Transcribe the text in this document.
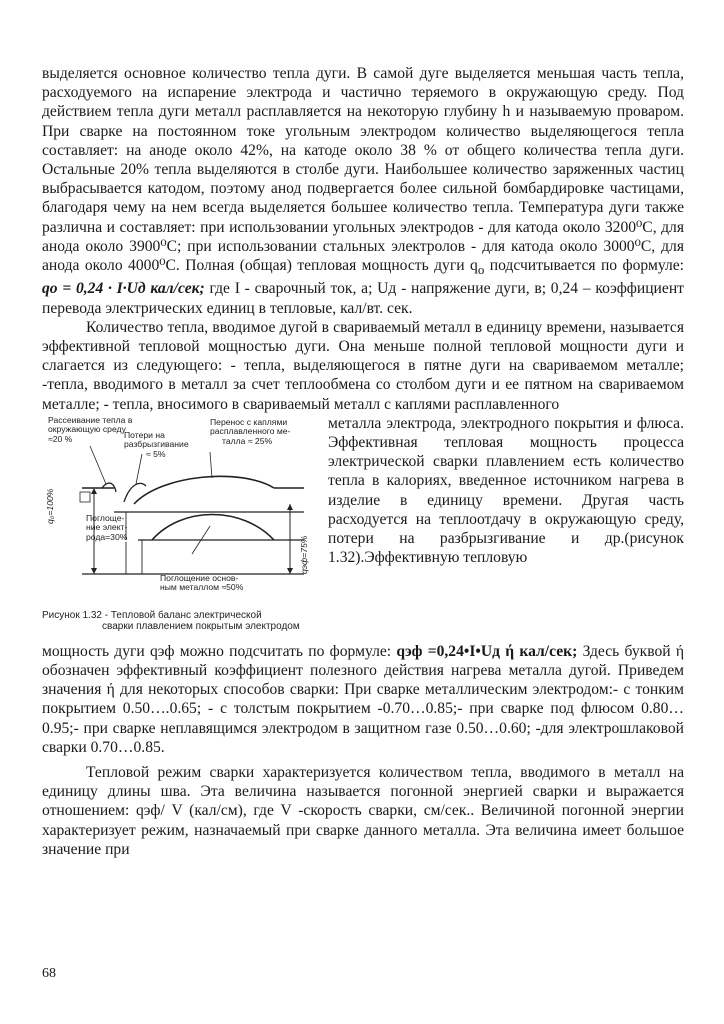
выделяется основное количество тепла дуги. В самой дуге выделяется меньшая часть тепла, расходуемого на испарение электрода и частично теряемого в окружающую среду. Под действием тепла дуги металл расплавляется на некоторую глубину h и называемую проваром. При сварке на постоянном токе угольным электродом количество выделяющегося тепла составляет: на аноде около 42%, на катоде около 38 % от общего количества тепла дуги. Остальные 20% тепла выделяются в столбе дуги. Наибольшее количество заряженных частиц выбрасывается катодом, поэтому анод подвергается более сильной бомбардировке частицами, благодаря чему на нем всегда выделяется большее количество тепла. Температура дуги также различна и составляет: при использовании угольных электродов - для катода около 3200⁰С, для анода около 3900⁰С; при использовании стальных электролов - для катода около 3000⁰С, для анода около 4000⁰С. Полная (общая) тепловая мощность дуги $q_о$ подсчитывается по формуле: qо = 0,24 · I·Uд кал/сек; где I - сварочный ток, а; Uд - напряжение дуги, в; 0,24 – коэффициент перевода электрических единиц в тепловые, кал/вт. сек.

Количество тепла, вводимое дугой в свариваемый металл в единицу времени, называется эффективной тепловой мощностью дуги. Она меньше полной тепловой мощности дуги и слагается из следующего: - тепла, выделяющегося в пятне дуги на свариваемом металле; -тепла, вводимого в металл за счет теплообмена со столбом дуги и ее пятном на свариваемом металле; - тепла, вносимого в свариваемый металл с каплями расплавленного

Рассеивание тепла в
окружающую среду
≈20 %	Потери на
разбрызгивание
≈ 5%
Перенос с каплями
расплавленного ме-
талла ≈ 25%
q₀=100%	Поглоще-
ние элект-
рода=30%
Поглощение основ-
ным металлом ≈50%
qэф=75%
Рисунок 1.32 - Тепловой баланс электрической
сварки плавлением покрытым электродом

металла электрода, электродного покрытия и флюса. Эффективная тепловая мощность процесса электрической сварки плавлением есть количество тепла в калориях, введенное источником нагрева в изделие в единицу времени. Другая часть расходуется на теплоотдачу в окружающую среду, потери на разбрызгивание и др.(рисунок 1.32).Эффективную тепловую

мощность дуги qэф можно подсчитать по формуле: qэф =0,24•I•Uд ή кал/сек; Здесь буквой ή обозначен эффективный коэффициент полезного действия нагрева металла дугой. Приведем значения ή для некоторых способов сварки: При сварке металлическим электродом:- с тонким покрытием 0.50….0.65; - с толстым покрытием -0.70…0.85;- при сварке под флюсом 0.80…0.95;- при сварке неплавящимся электродом в защитном газе 0.50…0.60; -для электрошлаковой сварки 0.70…0.85.

Тепловой режим сварки характеризуется количеством тепла, вводимого в металл на единицу длины шва. Эта величина называется погонной энергией сварки и выражается отношением: qэф/ V (кал/см), где V -скорость сварки, см/сек.. Величиной погонной энергии характеризует режим, назначаемый при сварке данного металла. Эта величина имеет большое значение при

68
